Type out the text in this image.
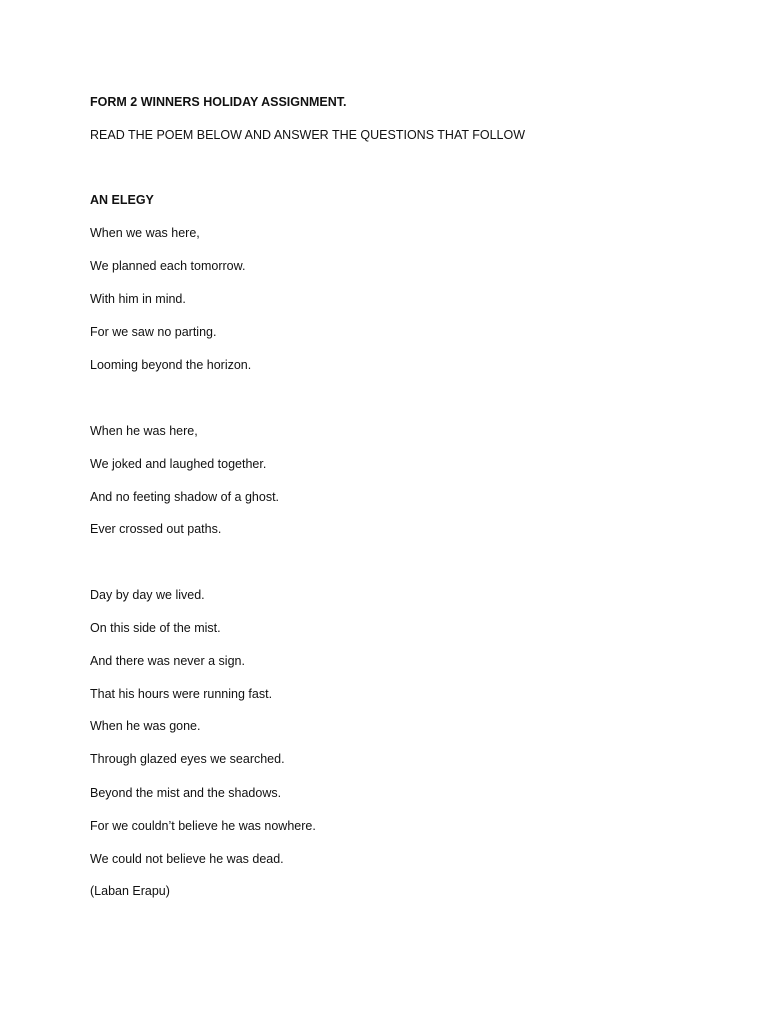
FORM 2 WINNERS HOLIDAY ASSIGNMENT.
READ THE POEM BELOW AND ANSWER THE QUESTIONS THAT FOLLOW
AN ELEGY
When we was here,
We planned each tomorrow.
With him in mind.
For we saw no parting.
Looming beyond the horizon.
When he was here,
We joked and laughed together.
And no feeting shadow of a ghost.
Ever crossed out paths.
Day by day we lived.
On this side of the mist.
And there was never a sign.
That his hours were running fast.
When he was gone.
Through glazed eyes we searched.
Beyond the mist and the shadows.
For we couldn’t believe he was nowhere.
We could not believe he was dead.
(Laban Erapu)
